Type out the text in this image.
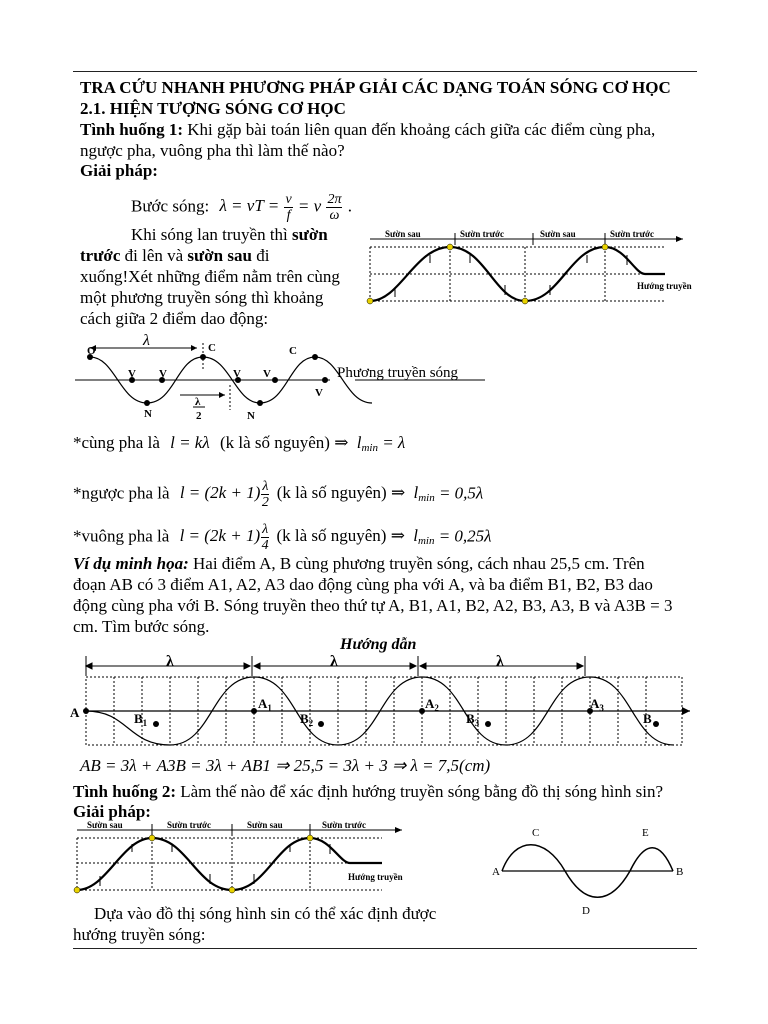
TRA CỨU NHANH PHƯƠNG PHÁP GIẢI CÁC DẠNG TOÁN SÓNG CƠ HỌC
2.1. HIỆN TƯỢNG SÓNG CƠ HỌC
Tình huống 1: Khi gặp bài toán liên quan đến khoảng cách giữa các điểm cùng pha,
ngược pha, vuông pha thì làm thế nào?
Giải pháp:
Bước sóng: λ = vT = $\frac{v}{f} = v \frac{2\pi}{\omega}$ .
Khi sóng lan truyền thì sườn
trước đi lên và sườn sau đi
xuống!Xét những điểm nằm trên cùng
một phương truyền sóng thì khoảng
cách giữa 2 điểm dao động:
Sườn sau	Sườn trước	Sườn sau	Sườn trước
Hướng truyền
λ
O	C	C
V V	V V
V
N	N
λ
2
Phương truyền sóng
*cùng pha là l = kλ (k là số nguyên) ⇒ $l_{min} = \lambda$
*ngược pha là $l = (2k + 1) \frac{\lambda}{2} (k$ là số nguyên) ⇒ $l_{min} = 0,5\lambda$
*vuông pha là $l = (2k + 1) \frac{\lambda}{4} (k$ là số nguyên) ⇒ $l_{min} = 0,25\lambda$
Ví dụ minh họa: Hai điểm A, B cùng phương truyền sóng, cách nhau 25,5 cm. Trên
đoạn AB có 3 điểm A1, A2, A3 dao động cùng pha với A, và ba điểm B1, B2, B3 dao
động cùng pha với B. Sóng truyền theo thứ tự A, B1, A1, B2, A2, B3, A3, B và A3B = 3
cm. Tìm bước sóng.
Hướng dẫn
λ	λ	λ
A	$B_1$
$A_1$
$B_2$
$A_2$
$B_3$
$A_3$
B
AB = 3λ + A3B = 3λ + AB1 ⇒ 25,5 = 3λ + 3 ⇒ λ = 7,5(cm)
Tình huống 2: Làm thế nào để xác định hướng truyền sóng bằng đồ thị sóng hình sin?
Giải pháp:
Sườn sau	Sườn trước	Sườn sau	Sườn trước
Hướng truyền	A
C
D
E
B
Dựa vào đồ thị sóng hình sin có thể xác định được
hướng truyền sóng:
